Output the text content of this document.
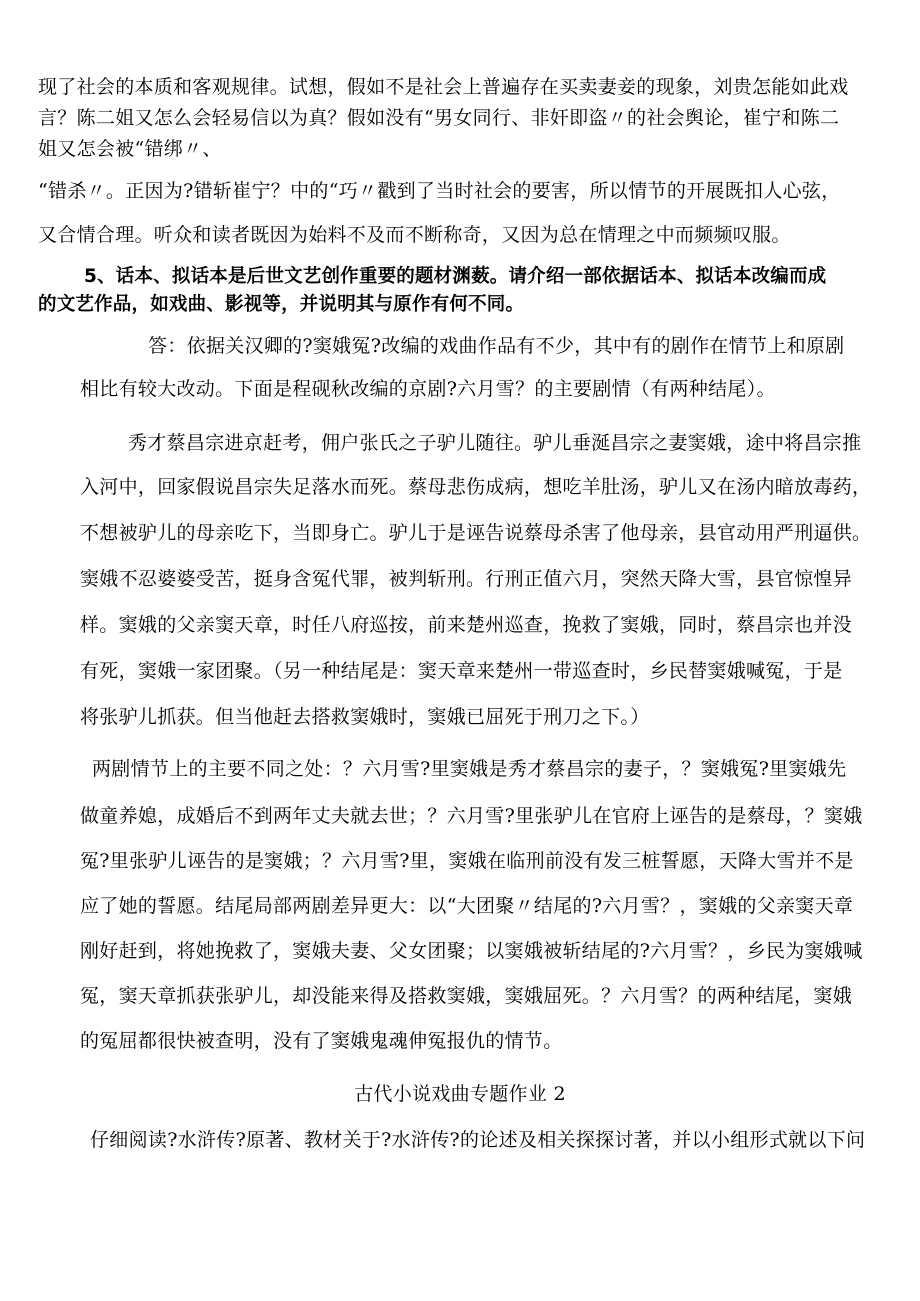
现了社会的本质和客观规律。试想，假如不是社会上普遍存在买卖妻妾的现象，刘贵怎能如此戏
言？陈二姐又怎么会轻易信以为真？假如没有“男女同行、非奸即盗〃的社会舆论，崔宁和陈二
姐又怎会被“错绑〃、
“错杀〃。正因为?错斩崔宁？中的“巧〃戳到了当时社会的要害，所以情节的开展既扣人心弦，
又合情合理。听众和读者既因为始料不及而不断称奇，又因为总在情理之中而频频叹服。
5、话本、拟话本是后世文艺创作重要的题材渊薮。请介绍一部依据话本、拟话本改编而成
的文艺作品，如戏曲、影视等，并说明其与原作有何不同。
答：依据关汉卿的?窦娥冤?改编的戏曲作品有不少，其中有的剧作在情节上和原剧
相比有较大改动。下面是程砚秋改编的京剧?六月雪？的主要剧情（有两种结尾）。
秀才蔡昌宗进京赶考，佣户张氏之子驴儿随往。驴儿垂涎昌宗之妻窦娥，途中将昌宗推
入河中，回家假说昌宗失足落水而死。蔡母悲伤成病，想吃羊肚汤，驴儿又在汤内暗放毒药，
不想被驴儿的母亲吃下，当即身亡。驴儿于是诬告说蔡母杀害了他母亲，县官动用严刑逼供。
窦娥不忍婆婆受苦，挺身含冤代罪，被判斩刑。行刑正值六月，突然天降大雪，县官惊惶异
样。窦娥的父亲窦天章，时任八府巡按，前来楚州巡查，挽救了窦娥，同时，蔡昌宗也并没
有死，窦娥一家团聚。（另一种结尾是：窦天章来楚州一带巡查时，乡民替窦娥喊冤，于是
将张驴儿抓获。但当他赶去搭救窦娥时，窦娥已屈死于刑刀之下。）
两剧情节上的主要不同之处：？六月雪?里窦娥是秀才蔡昌宗的妻子，？窦娥冤?里窦娥先
做童养媳，成婚后不到两年丈夫就去世；？六月雪?里张驴儿在官府上诬告的是蔡母，？窦娥
冤?里张驴儿诬告的是窦娥；？六月雪?里，窦娥在临刑前没有发三桩誓愿，天降大雪并不是
应了她的誓愿。结尾局部两剧差异更大：以“大团聚〃结尾的?六月雪？，窦娥的父亲窦天章
刚好赶到，将她挽救了，窦娥夫妻、父女团聚；以窦娥被斩结尾的?六月雪？，乡民为窦娥喊
冤，窦天章抓获张驴儿，却没能来得及搭救窦娥，窦娥屈死。？六月雪？的两种结尾，窦娥
的冤屈都很快被查明，没有了窦娥鬼魂伸冤报仇的情节。
古代小说戏曲专题作业 2
仔细阅读?水浒传?原著、教材关于?水浒传?的论述及相关探探讨著，并以小组形式就以下问
